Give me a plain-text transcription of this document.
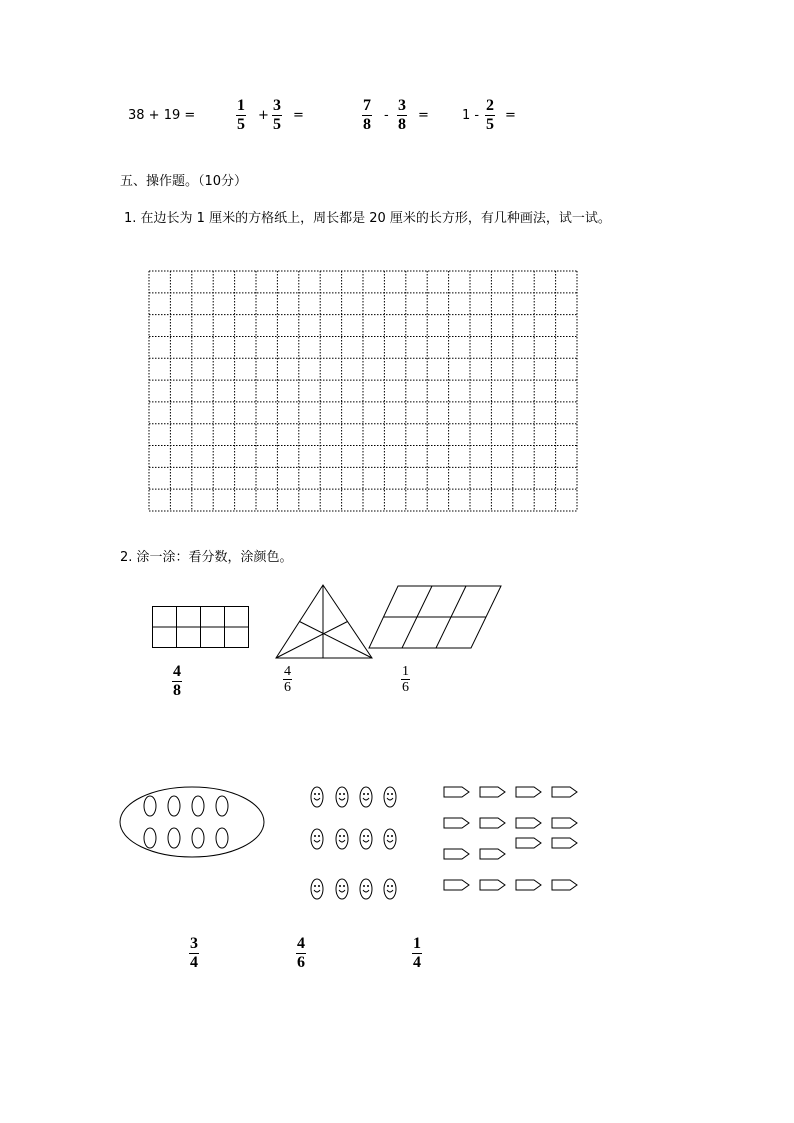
38 + 19 =
1
5
+
3
5
=
7
8
-
3
8
=	1 -
2
5
=
五、操作题。（10分）
1. 在边长为 1 厘米的方格纸上，周长都是 20 厘米的长方形，有几种画法，试一试。
2. 涂一涂：看分数，涂颜色。
4
8
4
6
1
6
3
4
4
6
1
4
